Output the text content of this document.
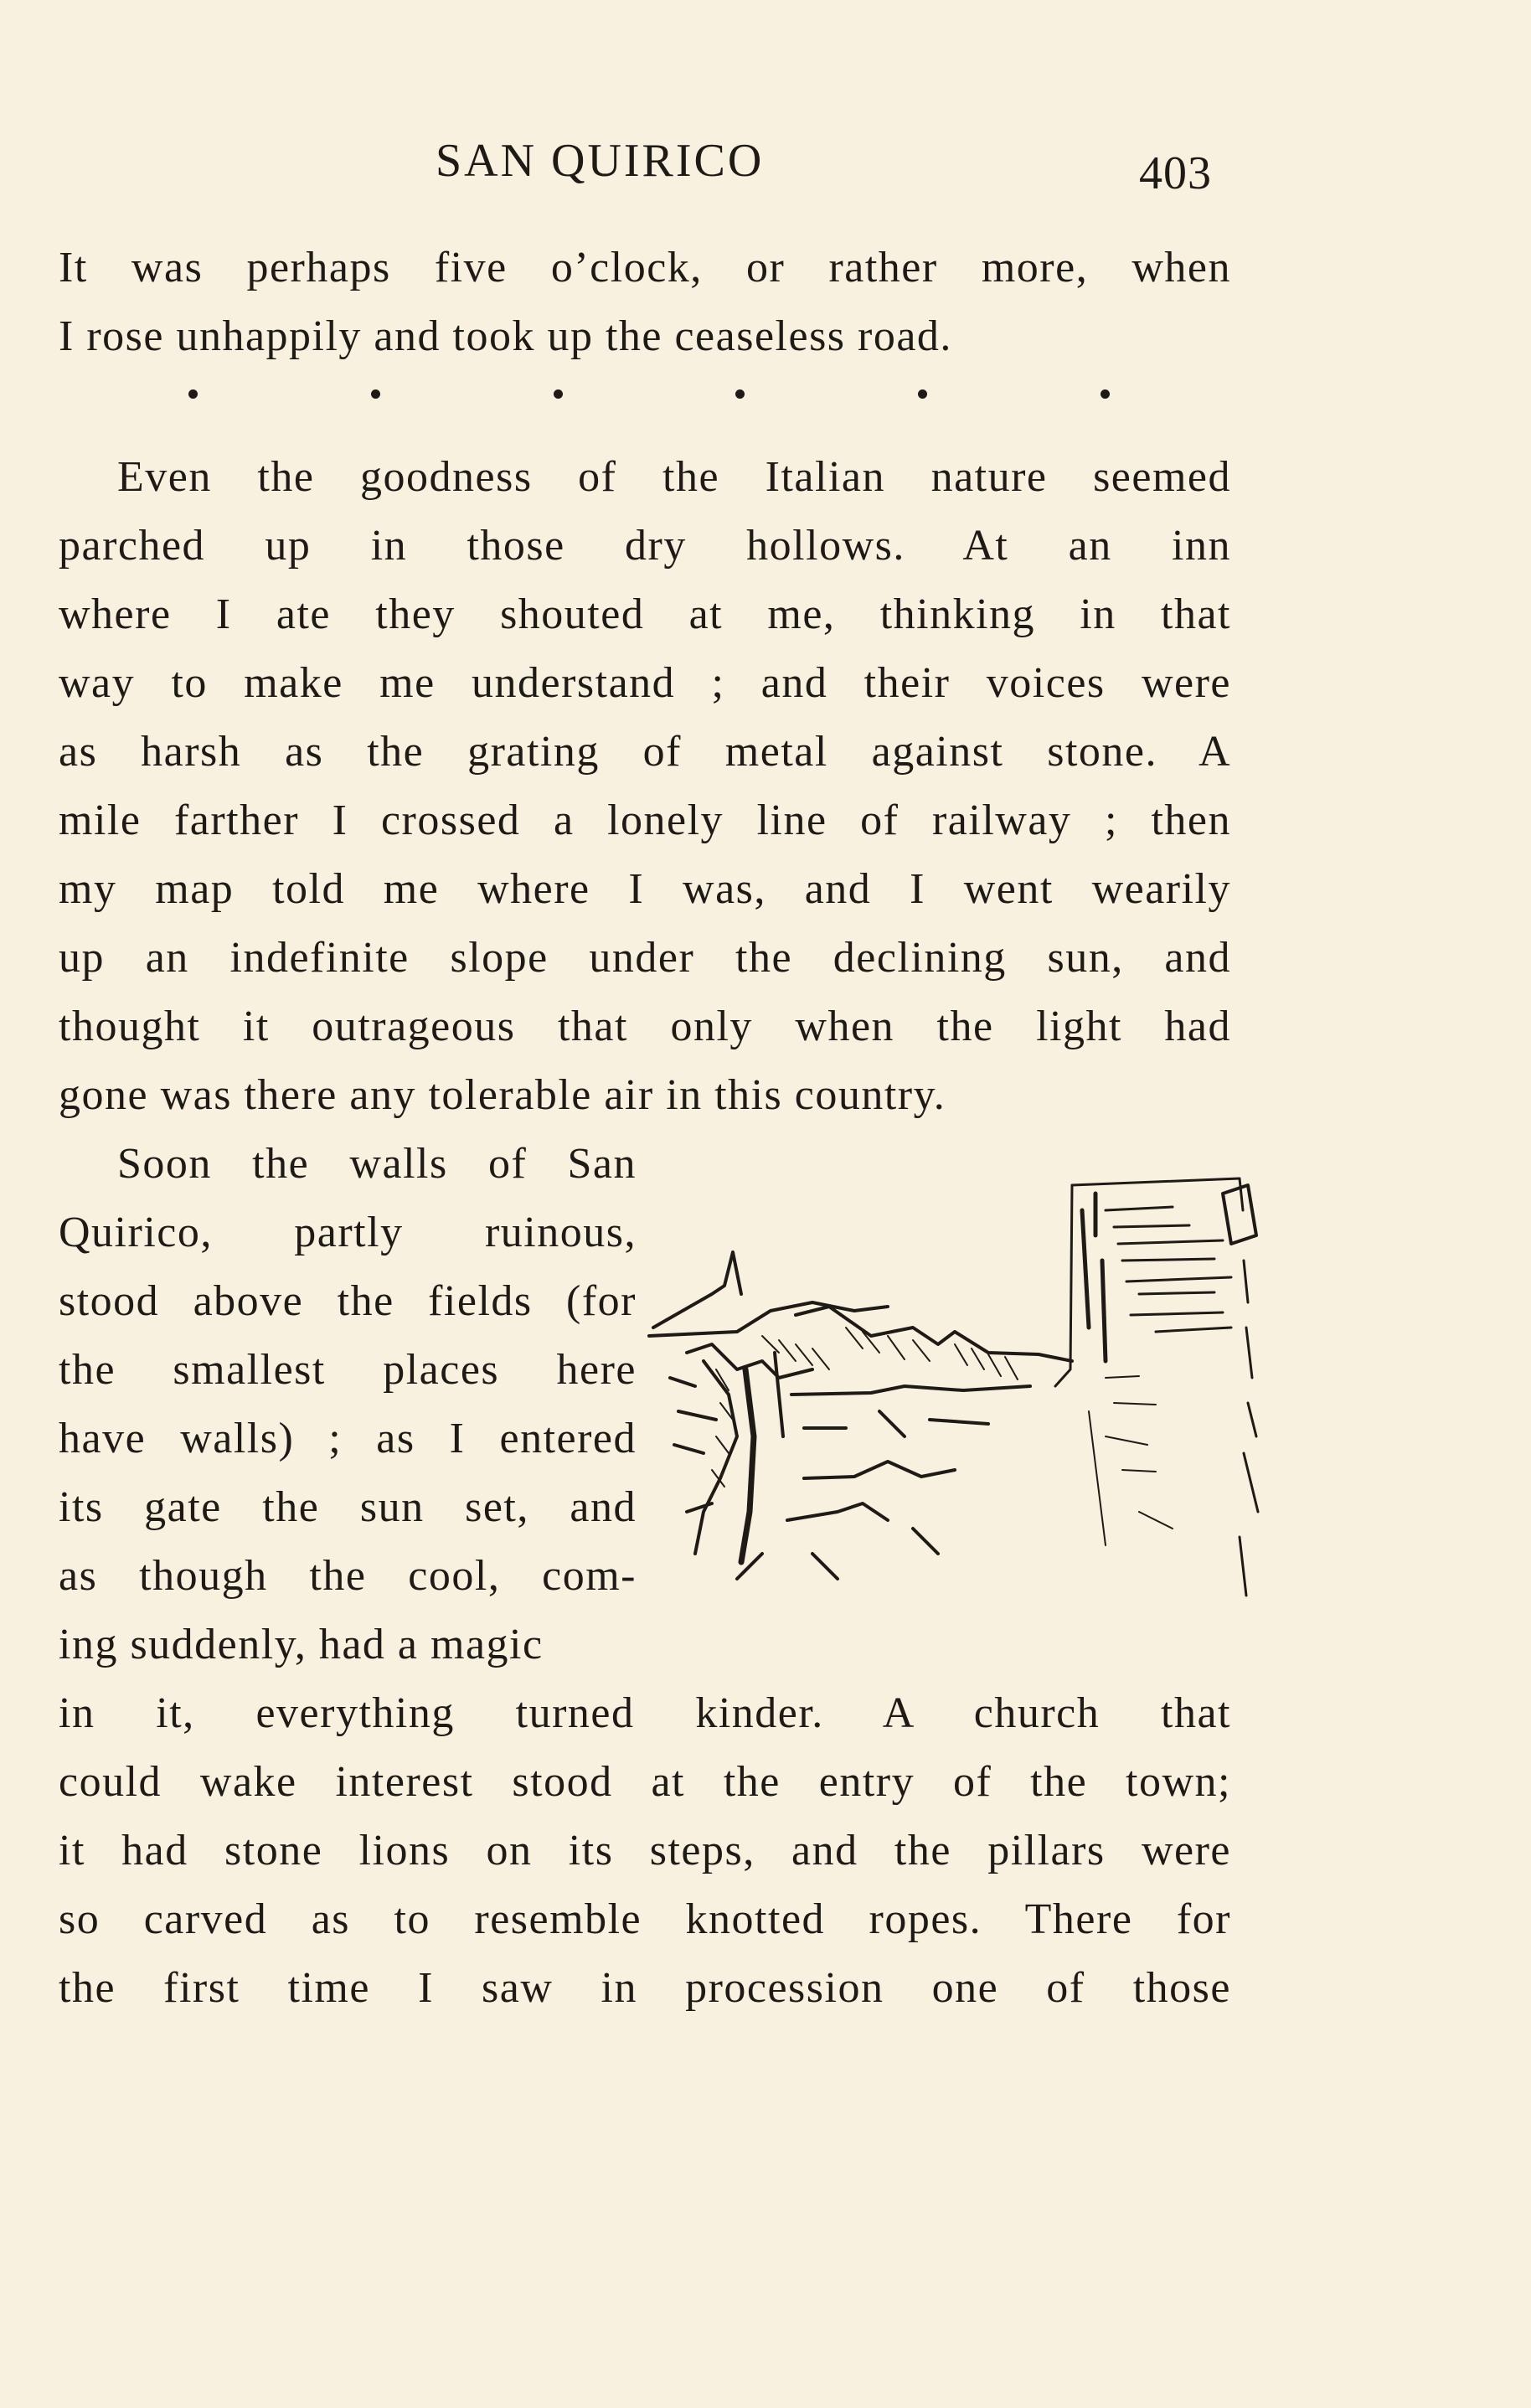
SAN QUIRICO	403
It was perhaps five o’clock, or rather more, when
I rose unhappily and took up the ceaseless road.
Even the goodness of the Italian nature seemed
parched up in those dry hollows. At an inn
where I ate they shouted at me, thinking in that
way to make me understand ; and their voices were
as harsh as the grating of metal against stone. A
mile farther I crossed a lonely line of railway ; then
my map told me where I was, and I went wearily
up an indefinite slope under the declining sun, and
thought it outrageous that only when the light had
gone was there any tolerable air in this country.
Soon the walls of San
Quirico, partly ruinous,
stood above the fields (for
the smallest places here
have walls) ; as I entered
its gate the sun set, and
as though the cool, com-
ing suddenly, had a magic
in it, everything turned kinder. A church that
could wake interest stood at the entry of the town;
it had stone lions on its steps, and the pillars were
so carved as to resemble knotted ropes. There for
the first time I saw in procession one of those
